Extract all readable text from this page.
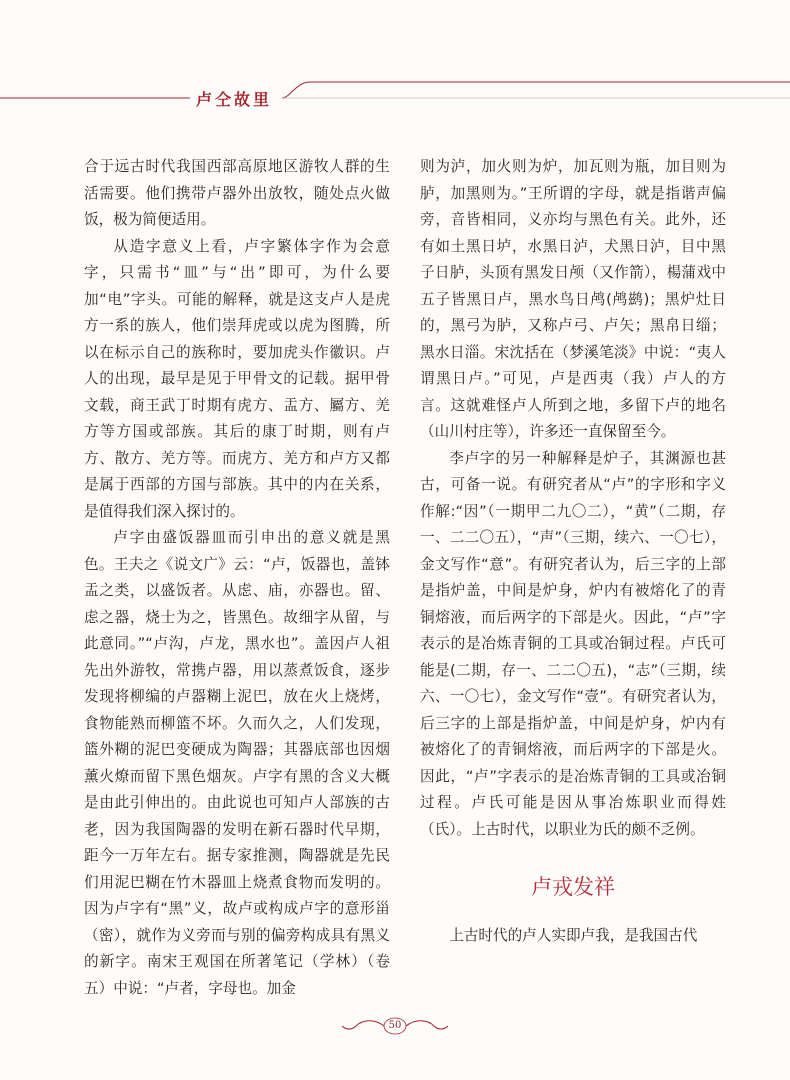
卢仝故里

合于远古时代我国西部高原地区游牧人群的生活需要。他们携带卢器外出放牧，随处点火做饭，极为简便适用。

从造字意义上看，卢字繁体字作为会意字，只需书“皿”与“出”即可，为什么要加“电”字头。可能的解释，就是这支卢人是虎方一系的族人，他们崇拜虎或以虎为图腾，所以在标示自己的族称时，要加虎头作徽识。卢人的出现，最早是见于甲骨文的记载。据甲骨文载，商王武丁时期有虎方、盂方、屬方、羌方等方国或部族。其后的康丁时期，则有卢方、散方、羌方等。而虎方、羌方和卢方又都是属于西部的方国与部族。其中的内在关系，是值得我们深入探讨的。

卢字由盛饭器皿而引申出的意义就是黑色。王夫之《说文广》云：“卢，饭器也，盖钵盂之类，以盛饭者。从虑、庙，亦器也。留、虑之器，烧士为之，皆黑色。故细字从留，与此意同。”“卢沟，卢龙，黑水也”。盖因卢人祖先出外游牧，常携卢器，用以蒸煮饭食，逐步发现将柳编的卢器糊上泥巴，放在火上烧烤，食物能熟而柳篮不坏。久而久之，人们发现，篮外糊的泥巴变硬成为陶器；其器底部也因烟薰火燎而留下黑色烟灰。卢字有黑的含义大概是由此引伸出的。由此说也可知卢人部族的古老，因为我国陶器的发明在新石器时代早期，距今一万年左右。据专家推测，陶器就是先民们用泥巴糊在竹木器皿上烧煮食物而发明的。因为卢字有“黑”义，故卢或构成卢字的意形甾（密），就作为义旁而与别的偏旁构成具有黑义的新字。南宋王观国在所著笔记（学林）（卷五）中说：“卢者，字母也。加金

则为泸，加火则为炉，加瓦则为瓶，加目则为胪，加黑则为。”王所谓的字母，就是指谐声偏旁，音皆相同，义亦均与黑色有关。此外，还有如土黑日垆，水黑日泸，犬黑日泸，目中黑子日胪，头顶有黑发日颅（又作箭），楊蒲戏中五子皆黑日卢，黑水鸟日鸬(鸬鹚)；黑炉灶日的，黑弓为胪，又称卢弓、卢矢；黑帛日缁；黑水日淄。宋沈括在（梦溪笔淡》中说：“夷人谓黑日卢。”可见，卢是西夷（我）卢人的方言。这就难怪卢人所到之地，多留下卢的地名（山川村庄等），许多还一直保留至今。

李卢字的另一种解释是炉子，其渊源也甚古，可备一说。有研究者从“卢”的字形和字义作解:“因”（一期甲二九〇二），“黄”（二期，存一、二二〇五），“声”（三期，续六、一〇七），金文写作“意”。有研究者认为，后三字的上部是指炉盖，中间是炉身，炉内有被熔化了的青铜熔液，而后两字的下部是火。因此，“卢”字表示的是冶炼青铜的工具或冶铜过程。卢氏可能是(二期，存一、二二〇五)，“志”（三期，续六、一〇七），金文写作“壹”。有研究者认为，后三字的上部是指炉盖，中间是炉身，炉内有被熔化了的青铜熔液，而后两字的下部是火。因此，“卢”字表示的是冶炼青铜的工具或冶铜过程。卢氏可能是因从事冶炼职业而得姓（氏）。上古时代，以职业为氏的颇不乏例。

卢戎发祥

上古时代的卢人实即卢我，是我国古代

50
